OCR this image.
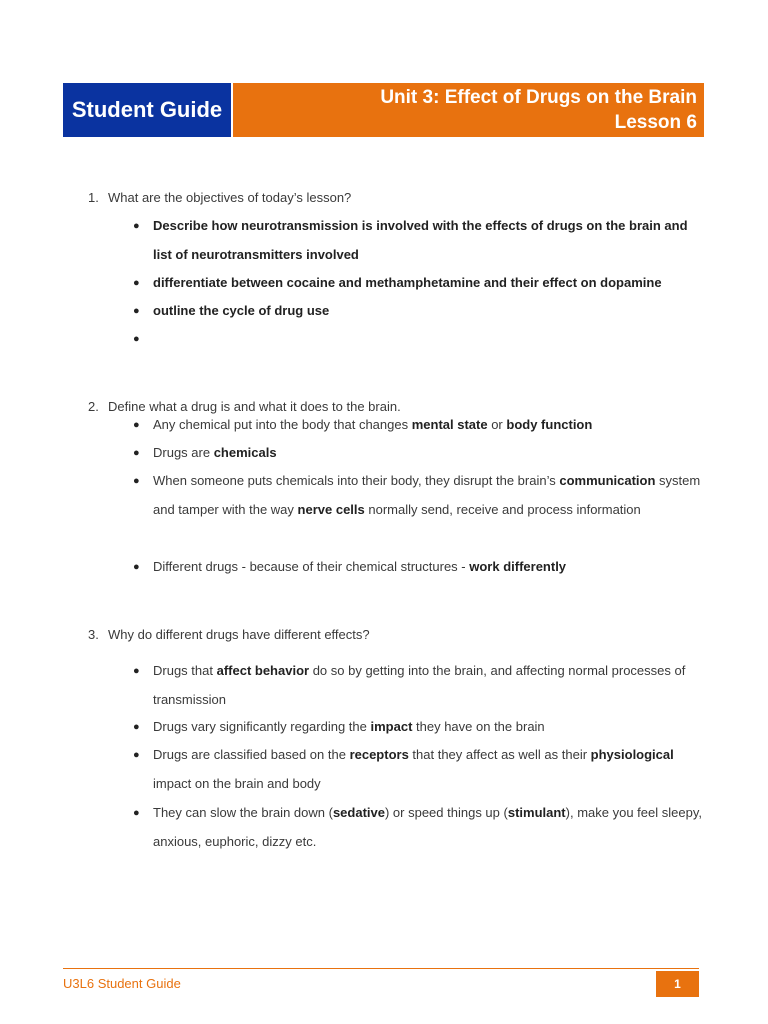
Student Guide	Unit 3: Effect of Drugs on the Brain
Lesson 6
1. What are the objectives of today’s lesson?
● Describe how neurotransmission is involved with the effects of drugs on the brain and list of neurotransmitters involved
● differentiate between cocaine and methamphetamine and their effect on dopamine
● outline the cycle of drug use
●
2. Define what a drug is and what it does to the brain.
● Any chemical put into the body that changes mental state or body function
● Drugs are chemicals
● When someone puts chemicals into their body, they disrupt the brain’s communication system and tamper with the way nerve cells normally send, receive and process information
● Different drugs - because of their chemical structures - work differently
3. Why do different drugs have different effects?
● Drugs that affect behavior do so by getting into the brain, and affecting normal processes of transmission
● Drugs vary significantly regarding the impact they have on the brain
● Drugs are classified based on the receptors that they affect as well as their physiological impact on the brain and body
● They can slow the brain down (sedative) or speed things up (stimulant), make you feel sleepy, anxious, euphoric, dizzy etc.
U3L6 Student Guide	1
